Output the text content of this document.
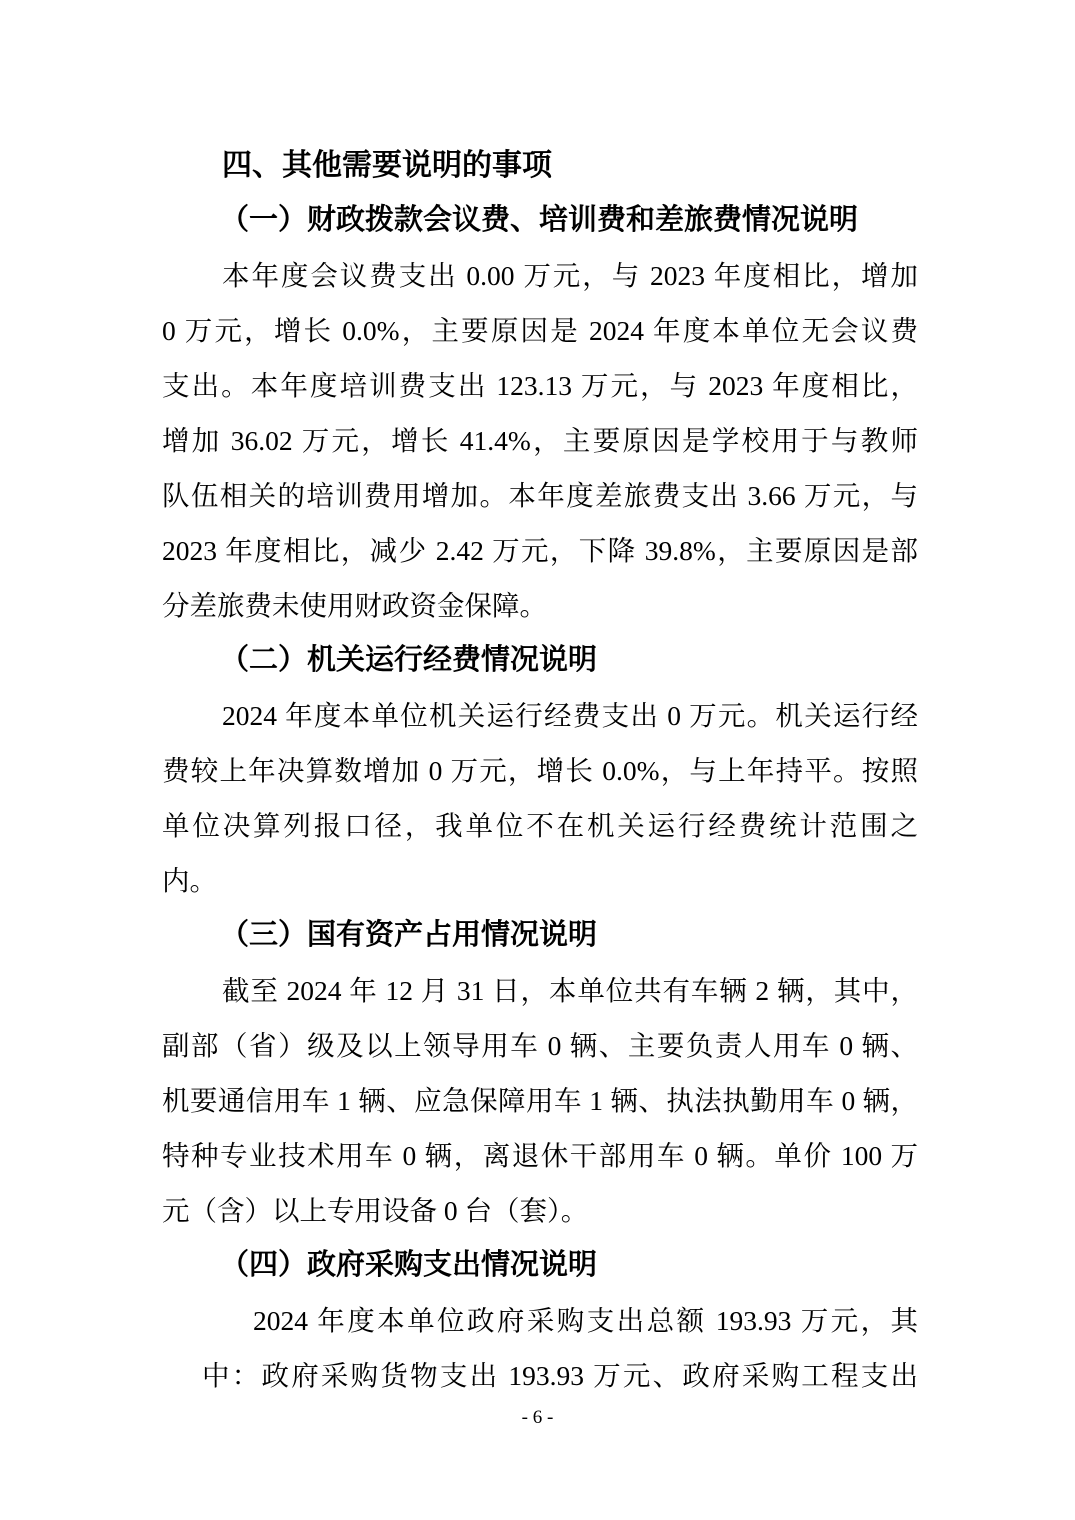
四、其他需要说明的事项
（一）财政拨款会议费、培训费和差旅费情况说明
本年度会议费支出 0.00 万元，与 2023 年度相比，增加
0 万元，增长 0.0%，主要原因是 2024 年度本单位无会议费
支出。本年度培训费支出 123.13 万元，与 2023 年度相比，
增加 36.02 万元，增长 41.4%，主要原因是学校用于与教师
队伍相关的培训费用增加。本年度差旅费支出 3.66 万元，与
2023 年度相比，减少 2.42 万元，下降 39.8%，主要原因是部
分差旅费未使用财政资金保障。
（二）机关运行经费情况说明
2024 年度本单位机关运行经费支出 0 万元。机关运行经
费较上年决算数增加 0 万元，增长 0.0%，与上年持平。按照
单位决算列报口径，我单位不在机关运行经费统计范围之
内。
（三）国有资产占用情况说明
截至 2024 年 12 月 31 日，本单位共有车辆 2 辆，其中，
副部（省）级及以上领导用车 0 辆、主要负责人用车 0 辆、
机要通信用车 1 辆、应急保障用车 1 辆、执法执勤用车 0 辆，
特种专业技术用车 0 辆，离退休干部用车 0 辆。单价 100 万
元（含）以上专用设备 0 台（套）。
（四）政府采购支出情况说明
2024 年度本单位政府采购支出总额 193.93 万元，其
中：政府采购货物支出 193.93 万元、政府采购工程支出
- 6 -
